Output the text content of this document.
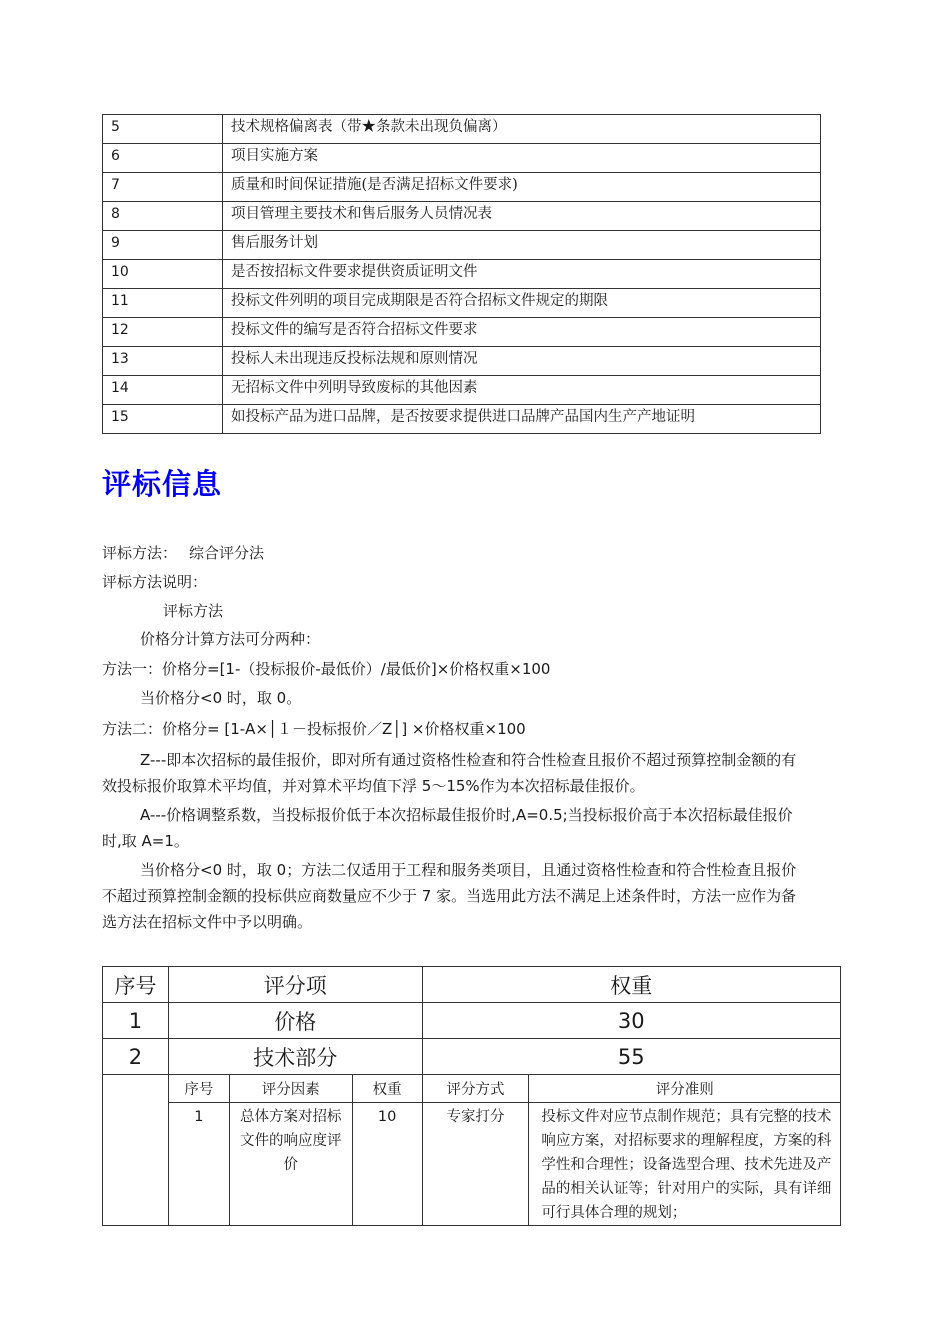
5	技术规格偏离表（带★条款未出现负偏离）
6	项目实施方案
7	质量和时间保证措施(是否满足招标文件要求)
8	项目管理主要技术和售后服务人员情况表
9	售后服务计划
10	是否按招标文件要求提供资质证明文件
11	投标文件列明的项目完成期限是否符合招标文件规定的期限
12	投标文件的编写是否符合招标文件要求
13	投标人未出现违反投标法规和原则情况
14	无招标文件中列明导致废标的其他因素
15	如投标产品为进口品牌，是否按要求提供进口品牌产品国内生产产地证明
评标信息
评标方法： 综合评分法
评标方法说明：
评标方法
价格分计算方法可分两种：
方法一：价格分=[1-（投标报价-最低价）/最低价]×价格权重×100
当价格分<0 时，取 0。
方法二：价格分= [1-A×│１－投标报价／Z│] ×价格权重×100
Z---即本次招标的最佳报价，即对所有通过资格性检查和符合性检查且报价不超过预算控制金额的有效投标报价取算术平均值，并对算术平均值下浮 5～15%作为本次招标最佳报价。
A---价格调整系数，当投标报价低于本次招标最佳报价时,A=0.5;当投标报价高于本次招标最佳报价时,取 A=1。
当价格分<0 时，取 0；方法二仅适用于工程和服务类项目，且通过资格性检查和符合性检查且报价不超过预算控制金额的投标供应商数量应不少于 7 家。当选用此方法不满足上述条件时，方法一应作为备选方法在招标文件中予以明确。
序号	评分项			权重	
1	价格			30	
2	技术部分			55	
	序号	评分因素	权重	评分方式	评分准则
	1	总体方案对招标文件的响应度评价	10	专家打分	投标文件对应节点制作规范；具有完整的技术响应方案，对招标要求的理解程度，方案的科学性和合理性；设备选型合理、技术先进及产品的相关认证等；针对用户的实际，具有详细可行具体合理的规划；
